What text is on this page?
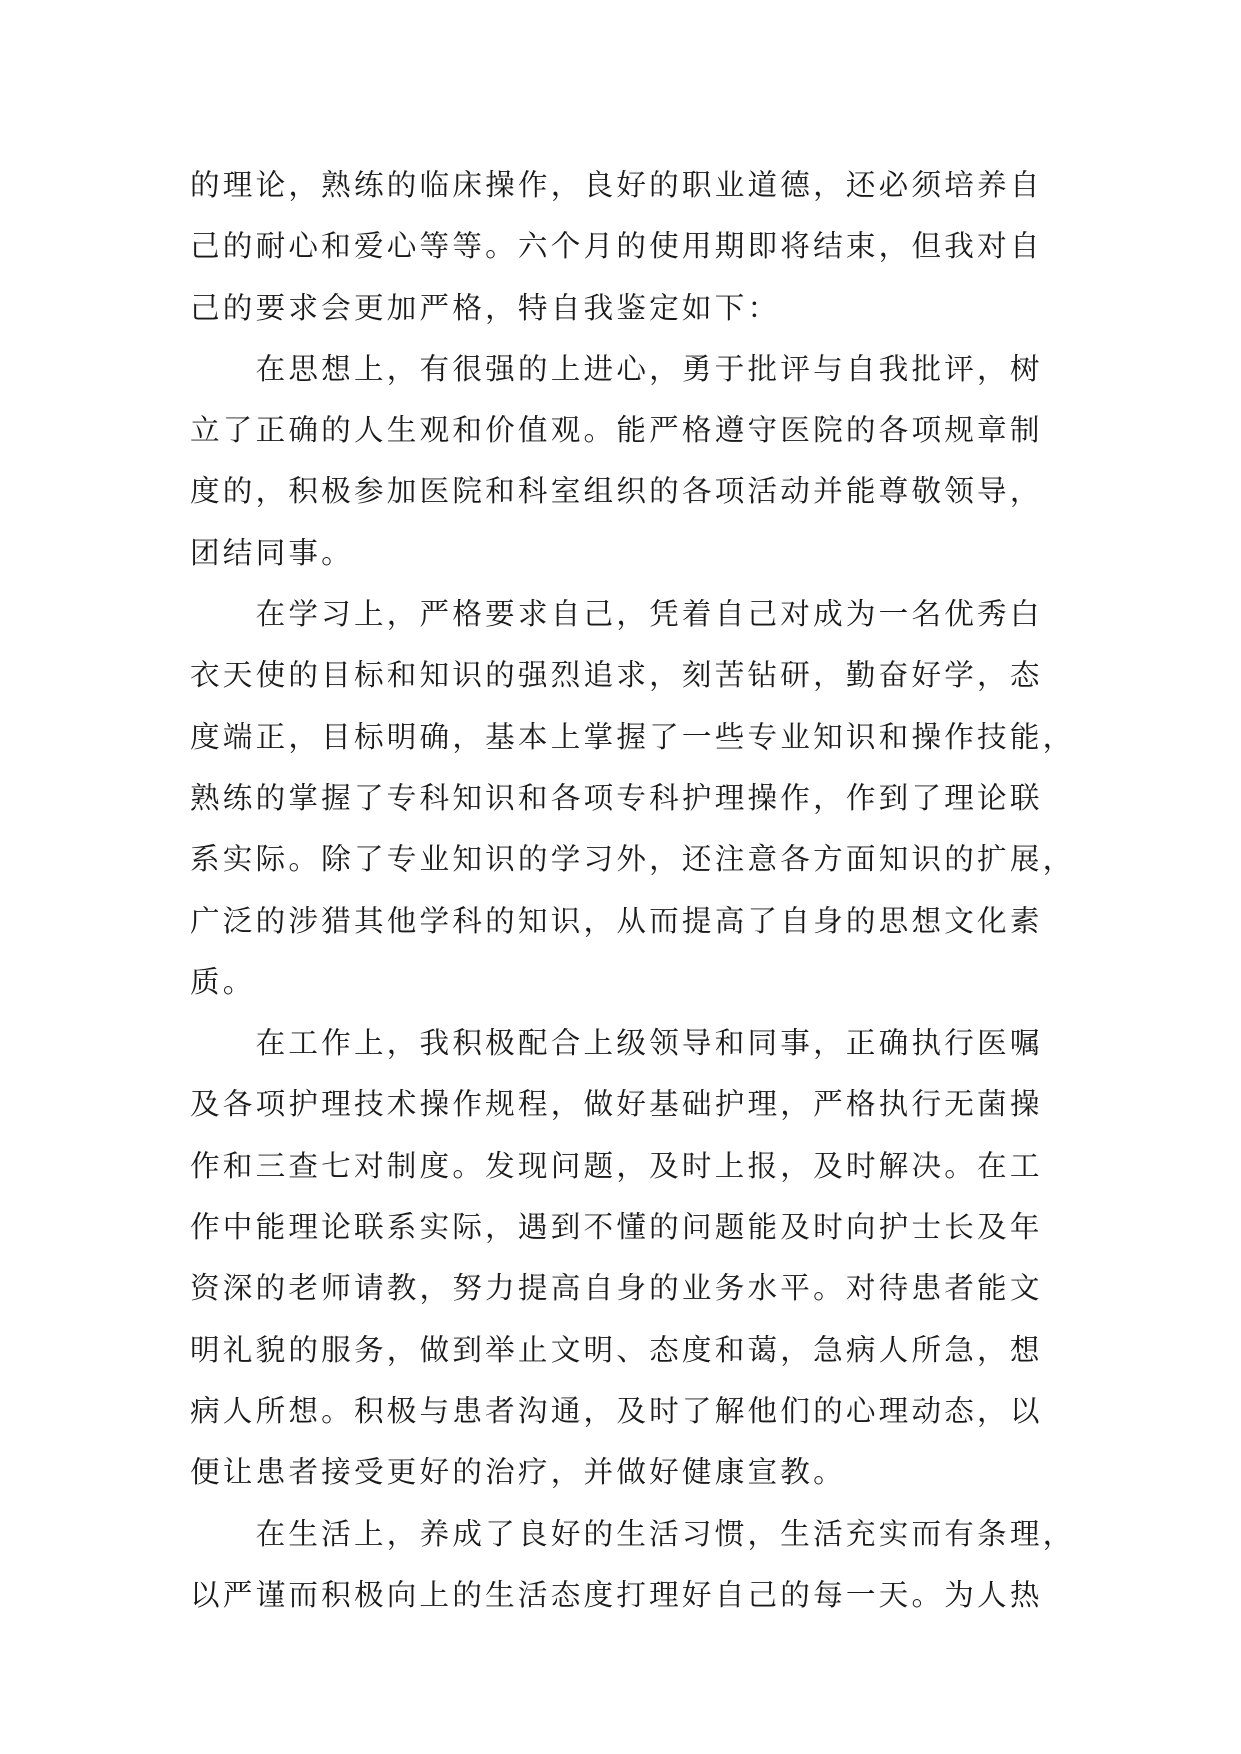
的理论，熟练的临床操作，良好的职业道德，还必须培养自
己的耐心和爱心等等。六个月的使用期即将结束，但我对自
己的要求会更加严格，特自我鉴定如下：
　　在思想上，有很强的上进心，勇于批评与自我批评，树
立了正确的人生观和价值观。能严格遵守医院的各项规章制
度的，积极参加医院和科室组织的各项活动并能尊敬领导，
团结同事。
　　在学习上，严格要求自己，凭着自己对成为一名优秀白
衣天使的目标和知识的强烈追求，刻苦钻研，勤奋好学，态
度端正，目标明确，基本上掌握了一些专业知识和操作技能，
熟练的掌握了专科知识和各项专科护理操作，作到了理论联
系实际。除了专业知识的学习外，还注意各方面知识的扩展，
广泛的涉猎其他学科的知识，从而提高了自身的思想文化素
质。
　　在工作上，我积极配合上级领导和同事，正确执行医嘱
及各项护理技术操作规程，做好基础护理，严格执行无菌操
作和三查七对制度。发现问题，及时上报，及时解决。在工
作中能理论联系实际，遇到不懂的问题能及时向护士长及年
资深的老师请教，努力提高自身的业务水平。对待患者能文
明礼貌的服务，做到举止文明、态度和蔼，急病人所急，想
病人所想。积极与患者沟通，及时了解他们的心理动态，以
便让患者接受更好的治疗，并做好健康宣教。
　　在生活上，养成了良好的生活习惯，生活充实而有条理，
以严谨而积极向上的生活态度打理好自己的每一天。为人热
